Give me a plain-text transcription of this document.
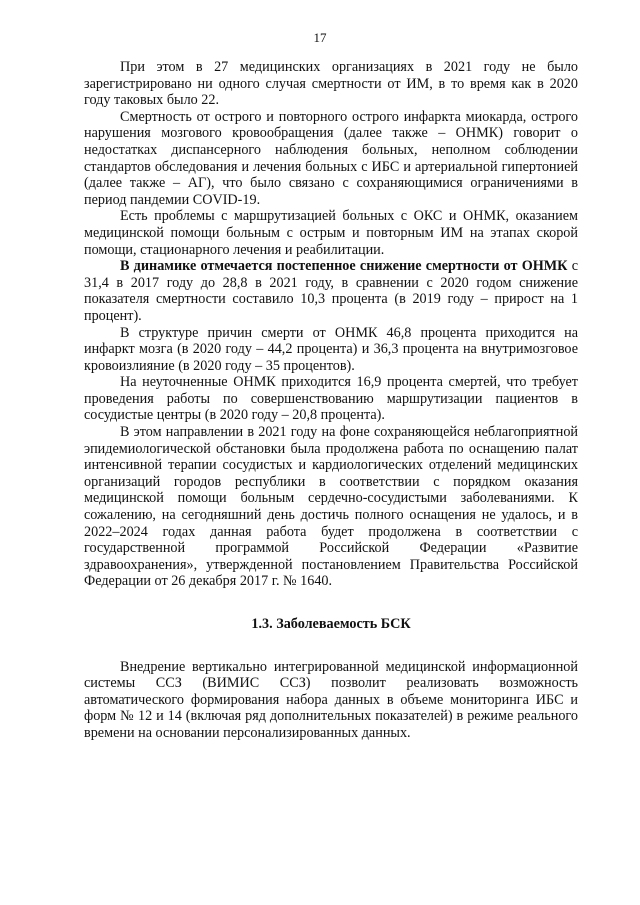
17

При этом в 27 медицинских организациях в 2021 году не было зарегистрировано ни одного случая смертности от ИМ, в то время как в 2020 году таковых было 22.

Смертность от острого и повторного острого инфаркта миокарда, острого нарушения мозгового кровообращения (далее также – ОНМК) говорит о недостатках диспансерного наблюдения больных, неполном соблюдении стандартов обследования и лечения больных с ИБС и артериальной гипертонией (далее также – АГ), что было связано с сохраняющимися ограничениями в период пандемии COVID-19.

Есть проблемы с маршрутизацией больных с ОКС и ОНМК, оказанием медицинской помощи больным с острым и повторным ИМ на этапах скорой помощи, стационарного лечения и реабилитации.

В динамике отмечается постепенное снижение смертности от ОНМК с 31,4 в 2017 году до 28,8 в 2021 году, в сравнении с 2020 годом снижение показателя смертности составило 10,3 процента (в 2019 году – прирост на 1 процент).

В структуре причин смерти от ОНМК 46,8 процента приходится на инфаркт мозга (в 2020 году – 44,2 процента) и 36,3 процента на внутримозговое кровоизлияние (в 2020 году – 35 процентов).

На неуточненные ОНМК приходится 16,9 процента смертей, что требует проведения работы по совершенствованию маршрутизации пациентов в сосудистые центры (в 2020 году – 20,8 процента).

В этом направлении в 2021 году на фоне сохраняющейся неблагоприятной эпидемиологической обстановки была продолжена работа по оснащению палат интенсивной терапии сосудистых и кардиологических отделений медицинских организаций городов республики в соответствии с порядком оказания медицинской помощи больным сердечно-сосудистыми заболеваниями. К сожалению, на сегодняшний день достичь полного оснащения не удалось, и в 2022–2024 годах данная работа будет продолжена в соответствии с государственной программой Российской Федерации «Развитие здравоохранения», утвержденной постановлением Правительства Российской Федерации от 26 декабря 2017 г. № 1640.

1.3. Заболеваемость БСК

Внедрение вертикально интегрированной медицинской информационной системы ССЗ (ВИМИС ССЗ) позволит реализовать возможность автоматического формирования набора данных в объеме мониторинга ИБС и форм № 12 и 14 (включая ряд дополнительных показателей) в режиме реального времени на основании персонализированных данных.
